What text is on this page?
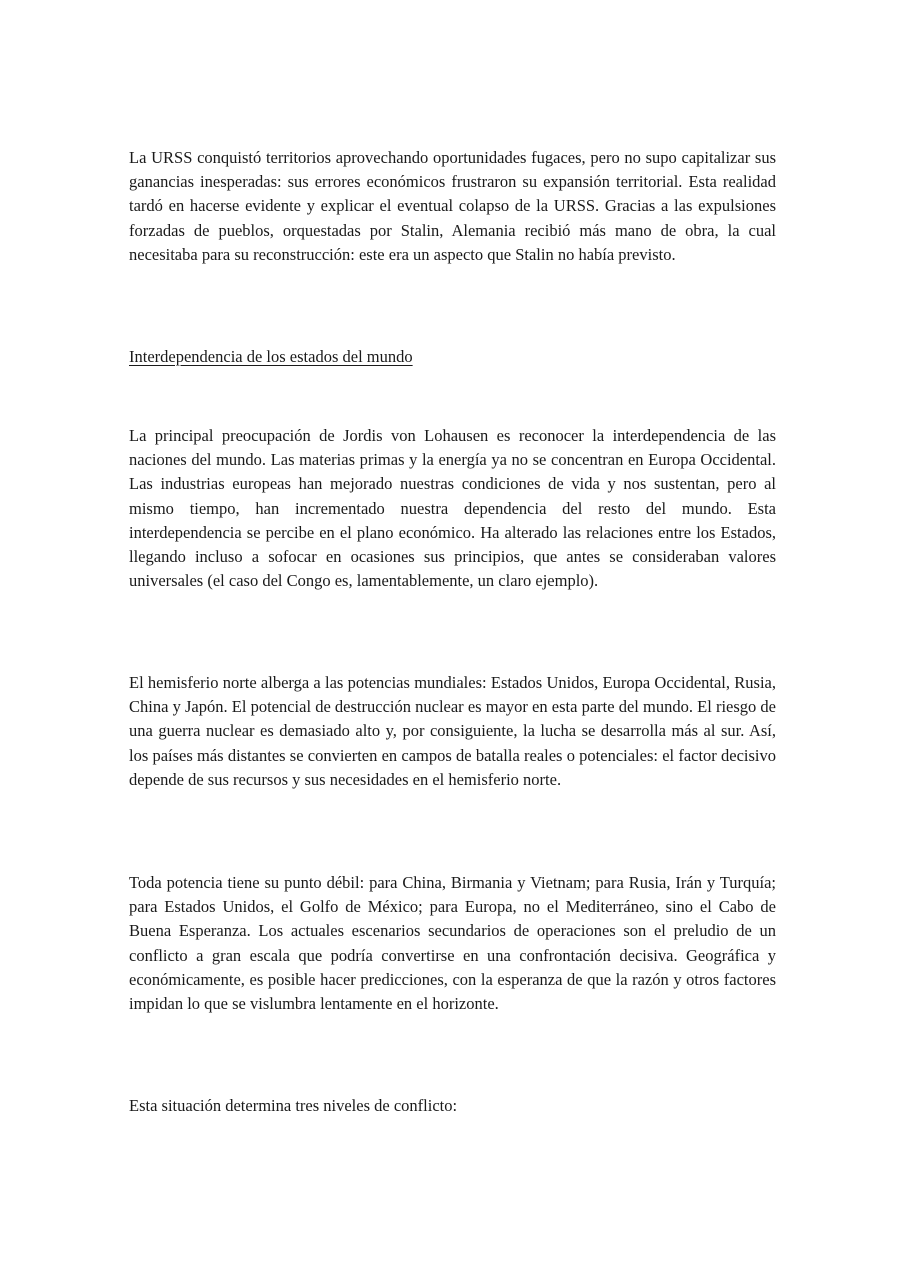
La URSS conquistó territorios aprovechando oportunidades fugaces, pero no supo capitalizar sus ganancias inesperadas: sus errores económicos frustraron su expansión territorial. Esta realidad tardó en hacerse evidente y explicar el eventual colapso de la URSS. Gracias a las expulsiones forzadas de pueblos, orquestadas por Stalin, Alemania recibió más mano de obra, la cual necesitaba para su reconstrucción: este era un aspecto que Stalin no había previsto.

Interdependencia de los estados del mundo

La principal preocupación de Jordis von Lohausen es reconocer la interdependencia de las naciones del mundo. Las materias primas y la energía ya no se concentran en Europa Occidental. Las industrias europeas han mejorado nuestras condiciones de vida y nos sustentan, pero al mismo tiempo, han incrementado nuestra dependencia del resto del mundo. Esta interdependencia se percibe en el plano económico. Ha alterado las relaciones entre los Estados, llegando incluso a sofocar en ocasiones sus principios, que antes se consideraban valores universales (el caso del Congo es, lamentablemente, un claro ejemplo).

El hemisferio norte alberga a las potencias mundiales: Estados Unidos, Europa Occidental, Rusia, China y Japón. El potencial de destrucción nuclear es mayor en esta parte del mundo. El riesgo de una guerra nuclear es demasiado alto y, por consiguiente, la lucha se desarrolla más al sur. Así, los países más distantes se convierten en campos de batalla reales o potenciales: el factor decisivo depende de sus recursos y sus necesidades en el hemisferio norte.

Toda potencia tiene su punto débil: para China, Birmania y Vietnam; para Rusia, Irán y Turquía; para Estados Unidos, el Golfo de México; para Europa, no el Mediterráneo, sino el Cabo de Buena Esperanza. Los actuales escenarios secundarios de operaciones son el preludio de un conflicto a gran escala que podría convertirse en una confrontación decisiva. Geográfica y económicamente, es posible hacer predicciones, con la esperanza de que la razón y otros factores impidan lo que se vislumbra lentamente en el horizonte.

Esta situación determina tres niveles de conflicto:
